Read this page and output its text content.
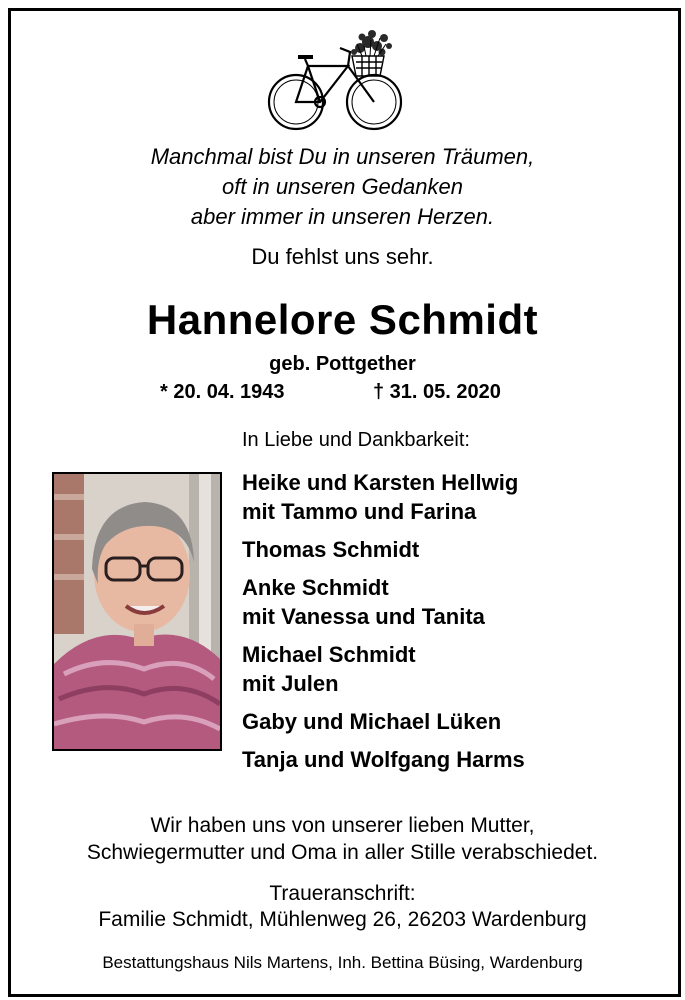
Manchmal bist Du in unseren Träumen,
oft in unseren Gedanken
aber immer in unseren Herzen.
Du fehlst uns sehr.
Hannelore Schmidt
geb. Pottgether
* 20. 04. 1943	† 31. 05. 2020
In Liebe und Dankbarkeit:
Heike und Karsten Hellwig
mit Tammo und Farina
Thomas Schmidt
Anke Schmidt
mit Vanessa und Tanita
Michael Schmidt
mit Julen
Gaby und Michael Lüken
Tanja und Wolfgang Harms
Wir haben uns von unserer lieben Mutter,
Schwiegermutter und Oma in aller Stille verabschiedet.
Traueranschrift:
Familie Schmidt, Mühlenweg 26, 26203 Wardenburg
Bestattungshaus Nils Martens, Inh. Bettina Büsing, Wardenburg
